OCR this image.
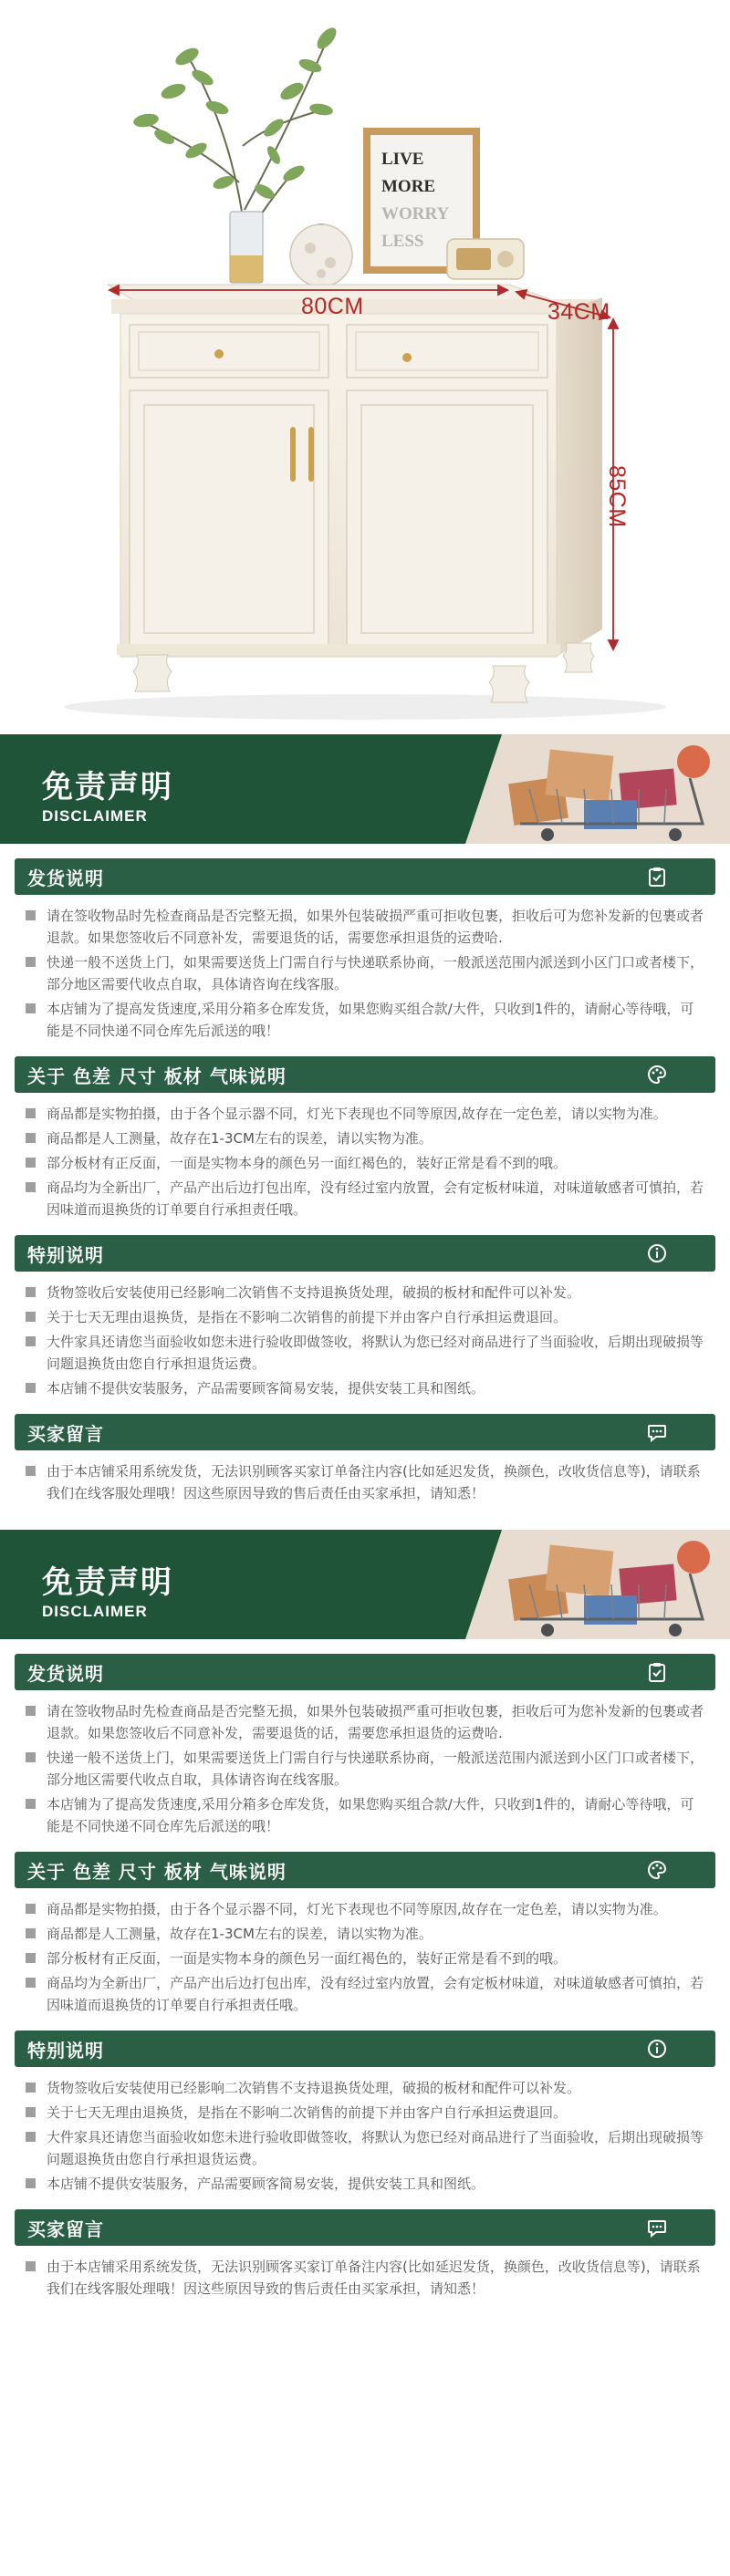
LIVE
MORE
WORRY
LESS
80CM	34CM
85CM
免责声明
DISCLAIMER
发货说明
请在签收物品时先检查商品是否完整无损，如果外包装破损严重可拒收包裹，拒收后可为您补发新的包裹或者退款。如果您签收后不同意补发，需要退货的话，需要您承担退货的运费哈.
快递一般不送货上门，如果需要送货上门需自行与快递联系协商，一般派送范围内派送到小区门口或者楼下，部分地区需要代收点自取，具体请咨询在线客服。
本店铺为了提高发货速度,采用分箱多仓库发货，如果您购买组合款/大件，只收到1件的，请耐心等待哦，可能是不同快递不同仓库先后派送的哦！
关于 色差 尺寸 板材 气味说明
商品都是实物拍摄，由于各个显示器不同，灯光下表现也不同等原因,故存在一定色差，请以实物为准。
商品都是人工测量，故存在1-3CM左右的误差，请以实物为准。
部分板材有正反面，一面是实物本身的颜色另一面红褐色的，装好正常是看不到的哦。
商品均为全新出厂，产品产出后边打包出库，没有经过室内放置，会有定板材味道，对味道敏感者可慎拍，若因味道而退换货的订单要自行承担责任哦。
特别说明
货物签收后安装使用已经影响二次销售不支持退换货处理，破损的板材和配件可以补发。
关于七天无理由退换货，是指在不影响二次销售的前提下并由客户自行承担运费退回。
大件家具还请您当面验收如您未进行验收即做签收，将默认为您已经对商品进行了当面验收，后期出现破损等问题退换货由您自行承担退货运费。
本店铺不提供安装服务，产品需要顾客简易安装，提供安装工具和图纸。
买家留言
由于本店铺采用系统发货，无法识别顾客买家订单备注内容(比如延迟发货，换颜色，改收货信息等)，请联系我们在线客服处理哦！因这些原因导致的售后责任由买家承担，请知悉！
免责声明
DISCLAIMER
发货说明
请在签收物品时先检查商品是否完整无损，如果外包装破损严重可拒收包裹，拒收后可为您补发新的包裹或者退款。如果您签收后不同意补发，需要退货的话，需要您承担退货的运费哈.
快递一般不送货上门，如果需要送货上门需自行与快递联系协商，一般派送范围内派送到小区门口或者楼下，部分地区需要代收点自取，具体请咨询在线客服。
本店铺为了提高发货速度,采用分箱多仓库发货，如果您购买组合款/大件，只收到1件的，请耐心等待哦，可能是不同快递不同仓库先后派送的哦！
关于 色差 尺寸 板材 气味说明
商品都是实物拍摄，由于各个显示器不同，灯光下表现也不同等原因,故存在一定色差，请以实物为准。
商品都是人工测量，故存在1-3CM左右的误差，请以实物为准。
部分板材有正反面，一面是实物本身的颜色另一面红褐色的，装好正常是看不到的哦。
商品均为全新出厂，产品产出后边打包出库，没有经过室内放置，会有定板材味道，对味道敏感者可慎拍，若因味道而退换货的订单要自行承担责任哦。
特别说明
货物签收后安装使用已经影响二次销售不支持退换货处理，破损的板材和配件可以补发。
关于七天无理由退换货，是指在不影响二次销售的前提下并由客户自行承担运费退回。
大件家具还请您当面验收如您未进行验收即做签收，将默认为您已经对商品进行了当面验收，后期出现破损等问题退换货由您自行承担退货运费。
本店铺不提供安装服务，产品需要顾客简易安装，提供安装工具和图纸。
买家留言
由于本店铺采用系统发货，无法识别顾客买家订单备注内容(比如延迟发货，换颜色，改收货信息等)，请联系我们在线客服处理哦！因这些原因导致的售后责任由买家承担，请知悉！
